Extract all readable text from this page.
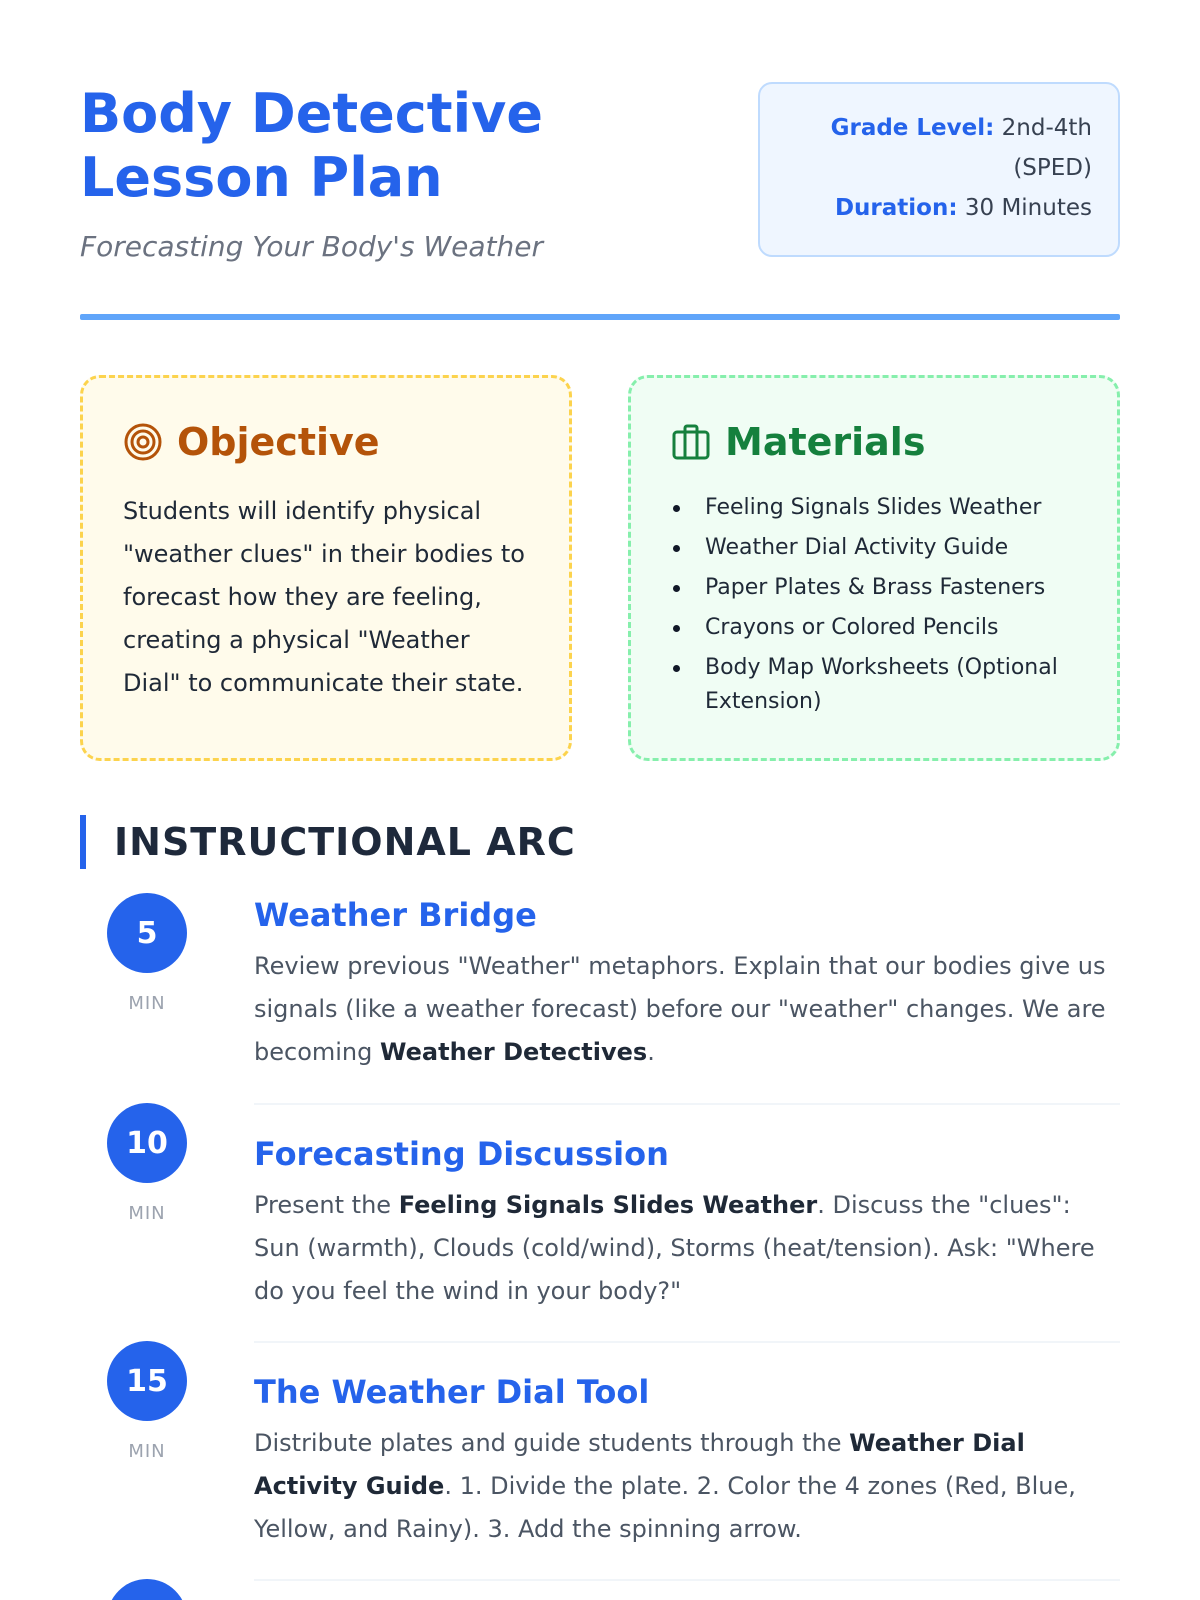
Body Detective Lesson Plan
Forecasting Your Body's Weather
Grade Level: 2nd-4th (SPED)
Duration: 30 Minutes
Objective

Students will identify physical "weather clues" in their bodies to forecast how they are feeling, creating a physical "Weather Dial" to communicate their state.

Materials
Feeling Signals Slides Weather
Weather Dial Activity Guide
Paper Plates & Brass Fasteners
Crayons or Colored Pencils
Body Map Worksheets (Optional Extension)
INSTRUCTIONAL ARC
5
MIN
Weather Bridge

Review previous "Weather" metaphors. Explain that our bodies give us signals (like a weather forecast) before our "weather" changes. We are becoming Weather Detectives.

10
MIN
Forecasting Discussion

Present the Feeling Signals Slides Weather. Discuss the "clues": Sun (warmth), Clouds (cold/wind), Storms (heat/tension). Ask: "Where do you feel the wind in your body?"

15
MIN
The Weather Dial Tool

Distribute plates and guide students through the Weather Dial Activity Guide. 1. Divide the plate. 2. Color the 4 zones (Red, Blue, Yellow, and Rainy). 3. Add the spinning arrow.
